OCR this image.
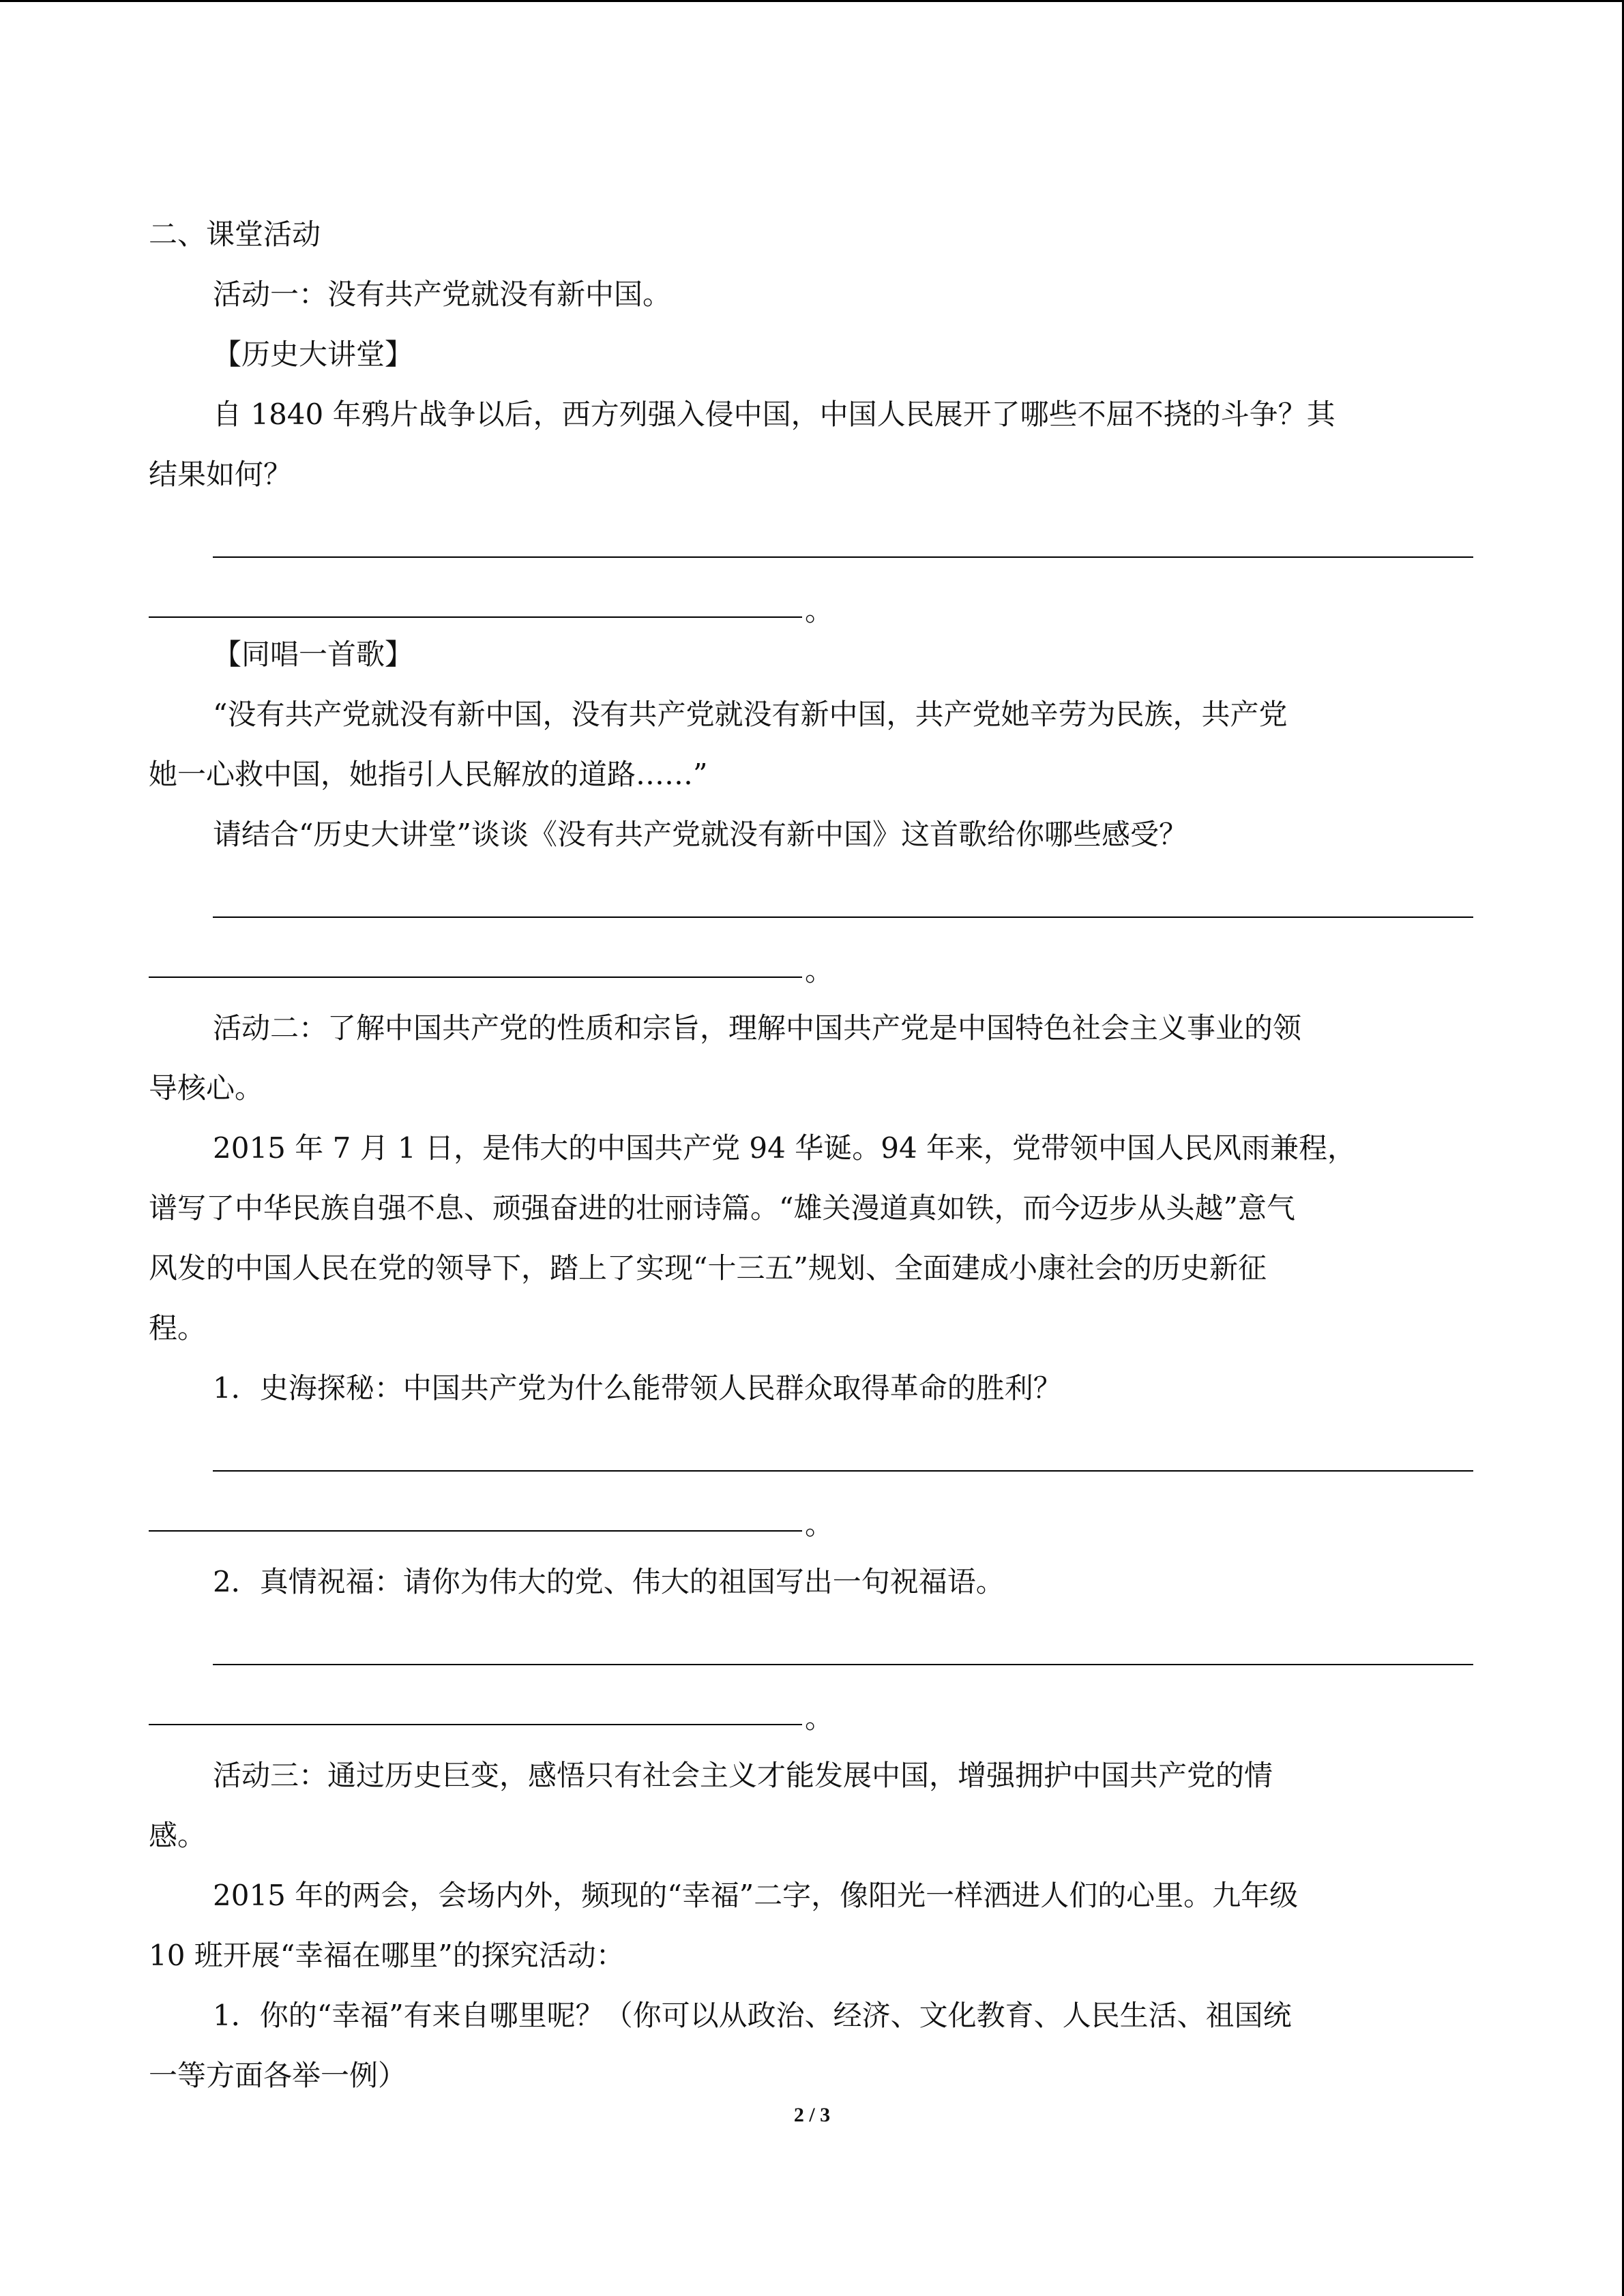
二、课堂活动

活动一：没有共产党就没有新中国。

【历史大讲堂】

自 1840 年鸦片战争以后，西方列强入侵中国，中国人民展开了哪些不屈不挠的斗争？其

结果如何？

。

【同唱一首歌】

“没有共产党就没有新中国，没有共产党就没有新中国，共产党她辛劳为民族，共产党

她一心救中国，她指引人民解放的道路……”

请结合“历史大讲堂”谈谈《没有共产党就没有新中国》这首歌给你哪些感受？

。

活动二：了解中国共产党的性质和宗旨，理解中国共产党是中国特色社会主义事业的领

导核心。

2015 年 7 月 1 日，是伟大的中国共产党 94 华诞。94 年来，党带领中国人民风雨兼程，

谱写了中华民族自强不息、顽强奋进的壮丽诗篇。“雄关漫道真如铁，而今迈步从头越”意气

风发的中国人民在党的领导下，踏上了实现“十三五”规划、全面建成小康社会的历史新征

程。

1．史海探秘：中国共产党为什么能带领人民群众取得革命的胜利？

。

2．真情祝福：请你为伟大的党、伟大的祖国写出一句祝福语。

。

活动三：通过历史巨变，感悟只有社会主义才能发展中国，增强拥护中国共产党的情

感。

2015 年的两会，会场内外，频现的“幸福”二字，像阳光一样洒进人们的心里。九年级

10 班开展“幸福在哪里”的探究活动：

1．你的“幸福”有来自哪里呢？（你可以从政治、经济、文化教育、人民生活、祖国统

一等方面各举一例）

2 / 3
